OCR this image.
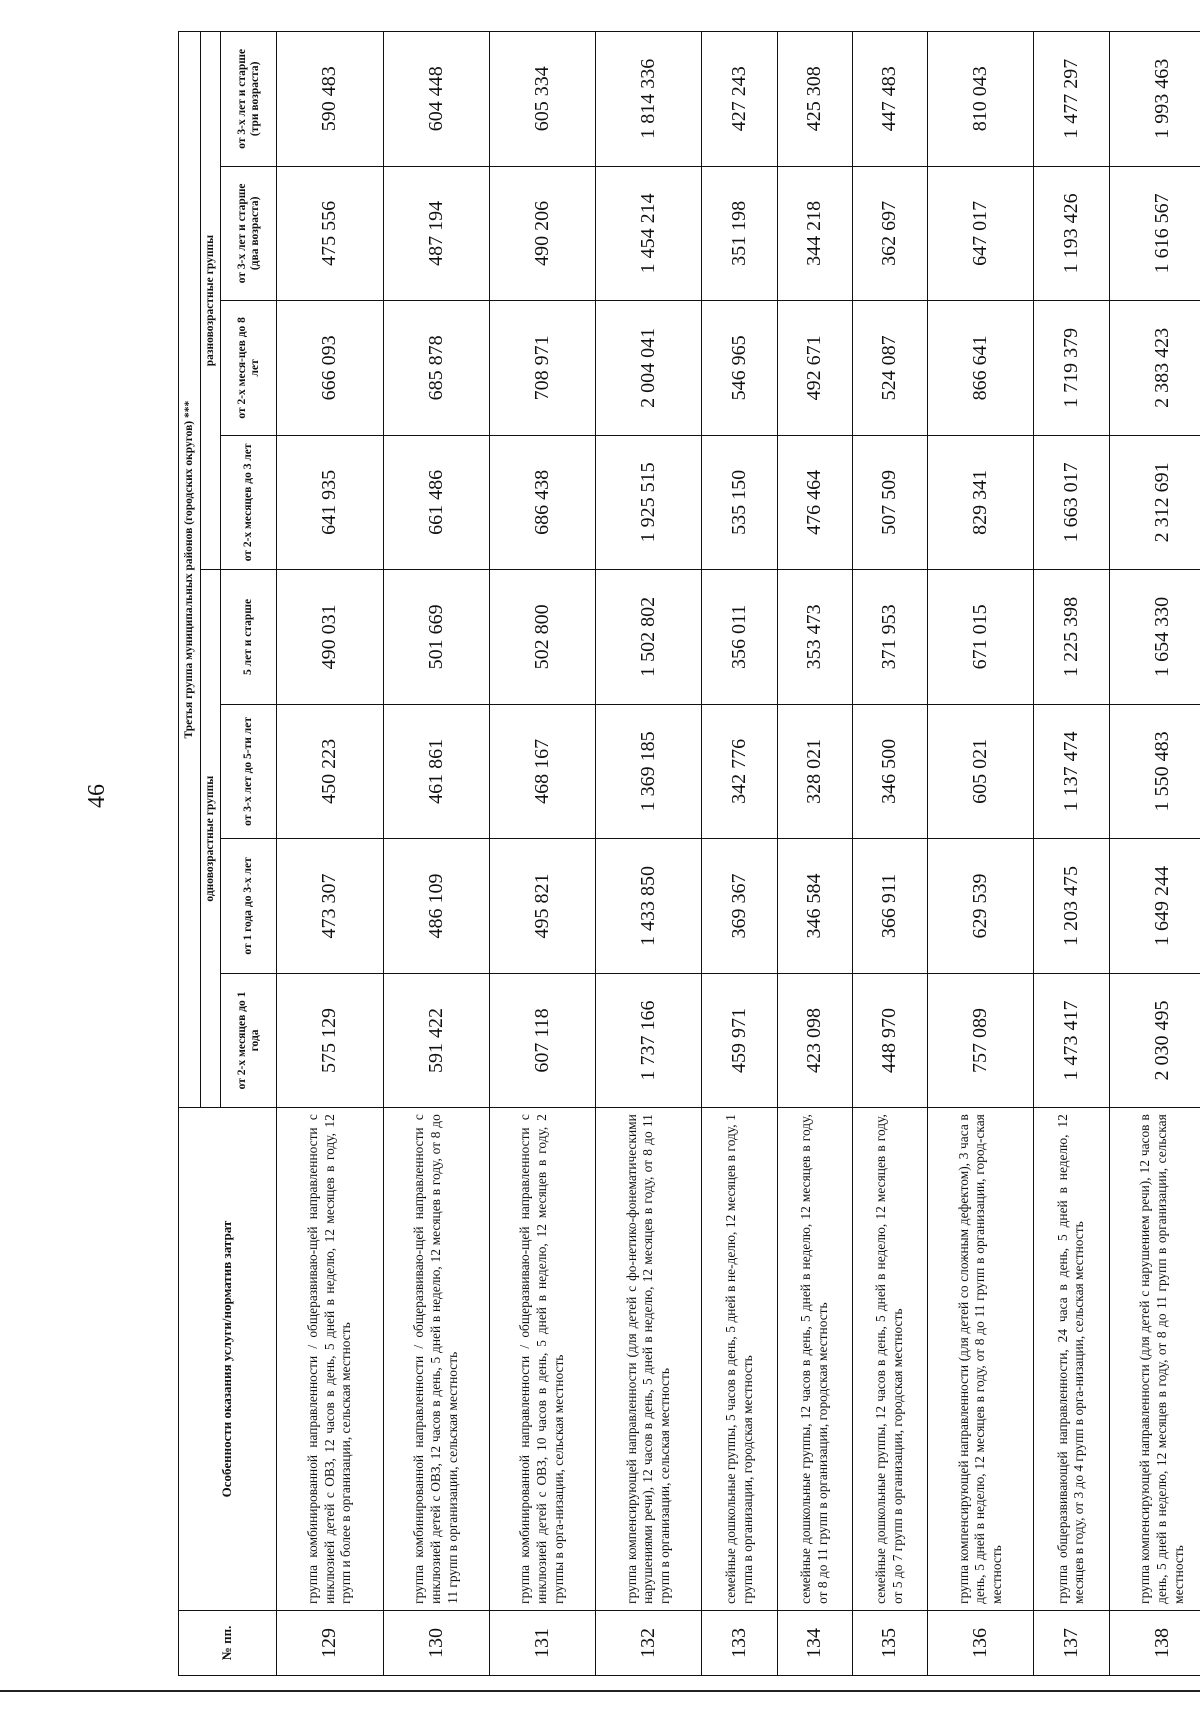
46
№ пп.	Особенности оказания услуги/норматив затрат	Третья группа муниципальных районов (городских округов) ***							
		одновозрастные группы				разновозрастные группы			
		от 2-х месяцев до 1 года	от 1 года до 3-х лет	от 3-х лет до 5-ти лет	5 лет и старше	от 2-х месяцев до 3 лет	от 2-х меся-цев до 8 лет	от 3-х лет и старше (два возраста)	от 3-х лет и старше (три возраста)
129	группа комбинированной направленности / общеразвиваю-щей направленности с инклюзией детей с ОВЗ, 12 часов в день, 5 дней в неделю, 12 месяцев в году, 12 групп и более в организации, сельская местность	575 129	473 307	450 223	490 031	641 935	666 093	475 556	590 483
130	группа комбинированной направленности / общеразвиваю-щей направленности с инклюзией детей с ОВЗ, 12 часов в день, 5 дней в неделю, 12 месяцев в году, от 8 до 11 групп в организации, сельская местность	591 422	486 109	461 861	501 669	661 486	685 878	487 194	604 448
131	группа комбинированной направленности / общеразвиваю-щей направленности с инклюзией детей с ОВЗ, 10 часов в день, 5 дней в неделю, 12 месяцев в году, 2 группы в орга-низации, сельская местность	607 118	495 821	468 167	502 800	686 438	708 971	490 206	605 334
132	группа компенсирующей направленности (для детей с фо-нетико-фонематическими нарушениями речи), 12 часов в день, 5 дней в неделю, 12 месяцев в году, от 8 до 11 групп в организации, сельская местность	1 737 166	1 433 850	1 369 185	1 502 802	1 925 515	2 004 041	1 454 214	1 814 336
133	семейные дошкольные группы, 5 часов в день, 5 дней в не-делю, 12 месяцев в году, 1 группа в организации, городская местность	459 971	369 367	342 776	356 011	535 150	546 965	351 198	427 243
134	семейные дошкольные группы, 12 часов в день, 5 дней в неделю, 12 месяцев в году, от 8 до 11 групп в организации, городская местность	423 098	346 584	328 021	353 473	476 464	492 671	344 218	425 308
135	семейные дошкольные группы, 12 часов в день, 5 дней в неделю, 12 месяцев в году, от 5 до 7 групп в организации, городская местность	448 970	366 911	346 500	371 953	507 509	524 087	362 697	447 483
136	группа компенсирующей направленности (для детей со сложным дефектом), 3 часа в день, 5 дней в неделю, 12 месяцев в году, от 8 до 11 групп в организации, город-ская местность	757 089	629 539	605 021	671 015	829 341	866 641	647 017	810 043
137	группа общеразвивающей направленности, 24 часа в день, 5 дней в неделю, 12 месяцев в году, от 3 до 4 групп в орга-низации, сельская местность	1 473 417	1 203 475	1 137 474	1 225 398	1 663 017	1 719 379	1 193 426	1 477 297
138	группа компенсирующей направленности (для детей с нарушением речи), 12 часов в день, 5 дней в неделю, 12 месяцев в году, от 8 до 11 групп в организации, сельская местность	2 030 495	1 649 244	1 550 483	1 654 330	2 312 691	2 383 423	1 616 567	1 993 463
